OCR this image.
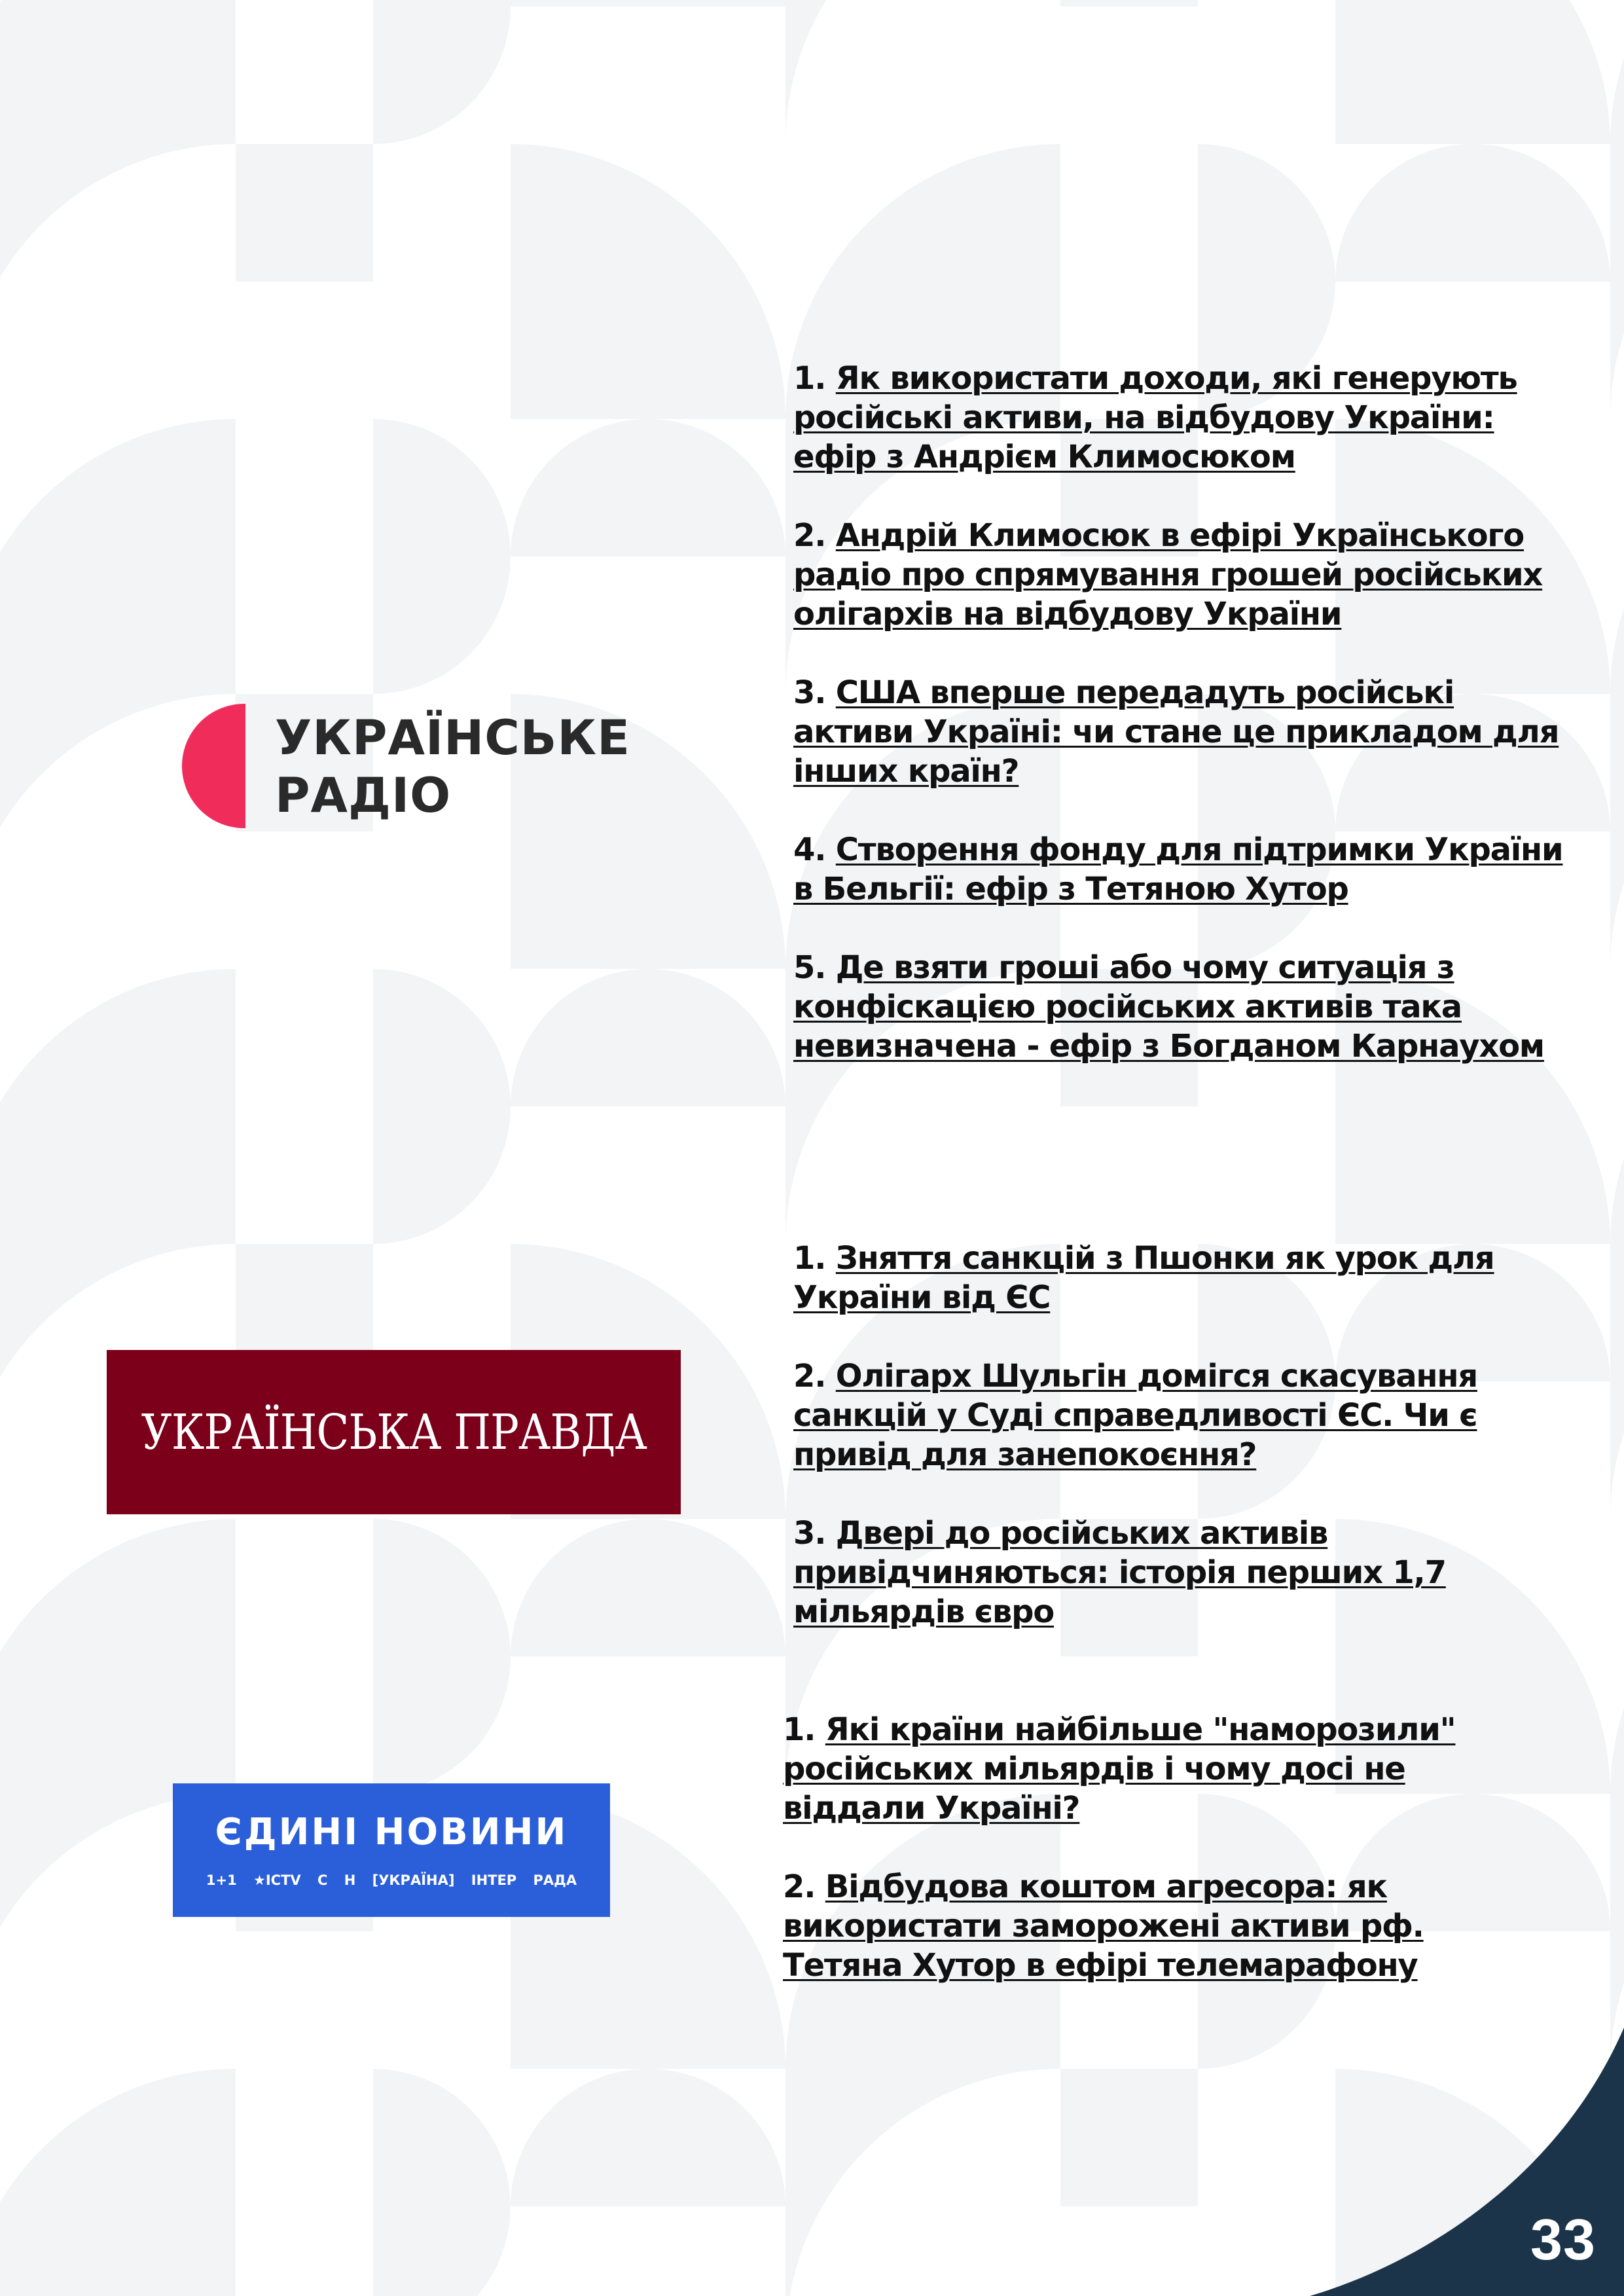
УКРАЇНСЬКЕ
РАДІО
1. Як використати доходи, які генерують російські активи, на відбудову України: ефір з Андрієм Климосюком
2. Андрій Климосюк в ефірі Українського радіо про спрямування грошей російських олігархів на відбудову України
3. США вперше передадуть російські активи Україні: чи стане це прикладом для інших країн?
4. Створення фонду для підтримки України в Бельгії: ефір з Тетяною Хутор
5. Де взяти гроші або чому ситуація з конфіскацією російських активів така невизначена - ефір з Богданом Карнаухом
УКРАЇНСЬКА ПРАВДА
1. Зняття санкцій з Пшонки як урок для України від ЄС
2. Олігарх Шульгін домігся скасування санкцій у Суді справедливості ЄС. Чи є привід для занепокоєння?
3. Двері до російських активів привідчиняються: історія перших 1,7 мільярдів євро
ЄДИНІ НОВИНИ
1+1 ★ICTV С Н [УКРАЇНА] ІНТЕР РАДА
1. Які країни найбільше "наморозили" російських мільярдів і чому досі не віддали Україні?
2. Відбудова коштом агресора: як використати заморожені активи рф. Тетяна Хутор в ефірі телемарафону
33
